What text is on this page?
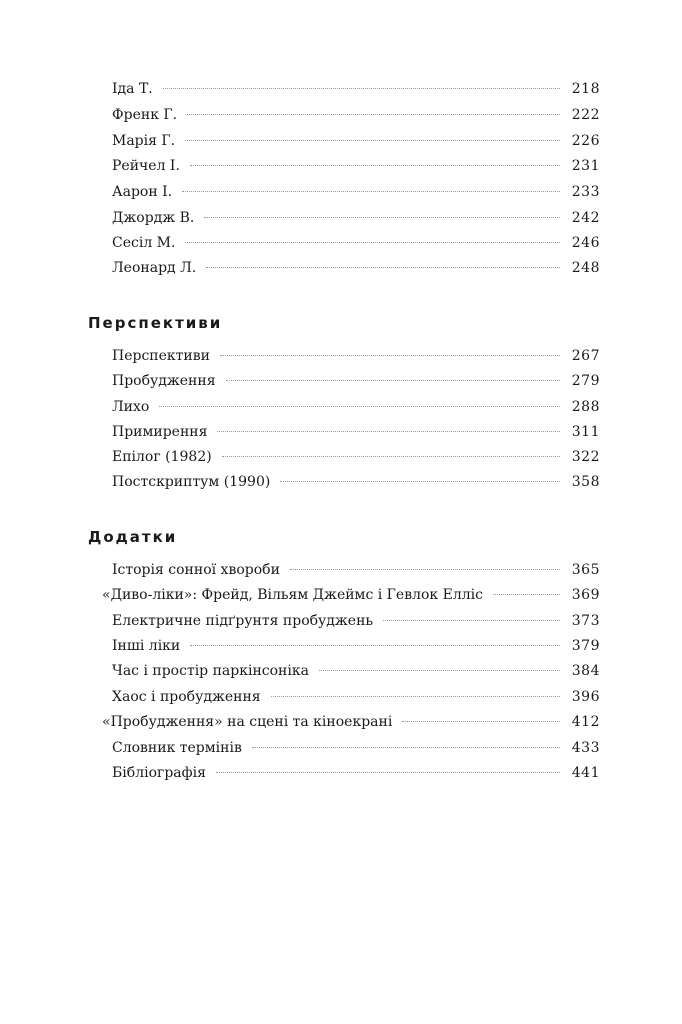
Іда Т.	218
Френк Г.	222
Марія Г.	226
Рейчел І.	231
Аарон І.	233
Джордж В.	242
Сесіл М.	246
Леонард Л.	248
Перспективи
Перспективи	267
Пробудження	279
Лихо	288
Примирення	311
Епілог (1982)	322
Постскриптум (1990)	358
Додатки
Історія сонної хвороби	365
«Диво-ліки»: Фрейд, Вільям Джеймс і Гевлок Елліс	369
Електричне підґрунтя пробуджень	373
Інші ліки	379
Час і простір паркінсоніка	384
Хаос і пробудження	396
«Пробудження» на сцені та кіноекрані	412
Словник термінів	433
Бібліографія	441
